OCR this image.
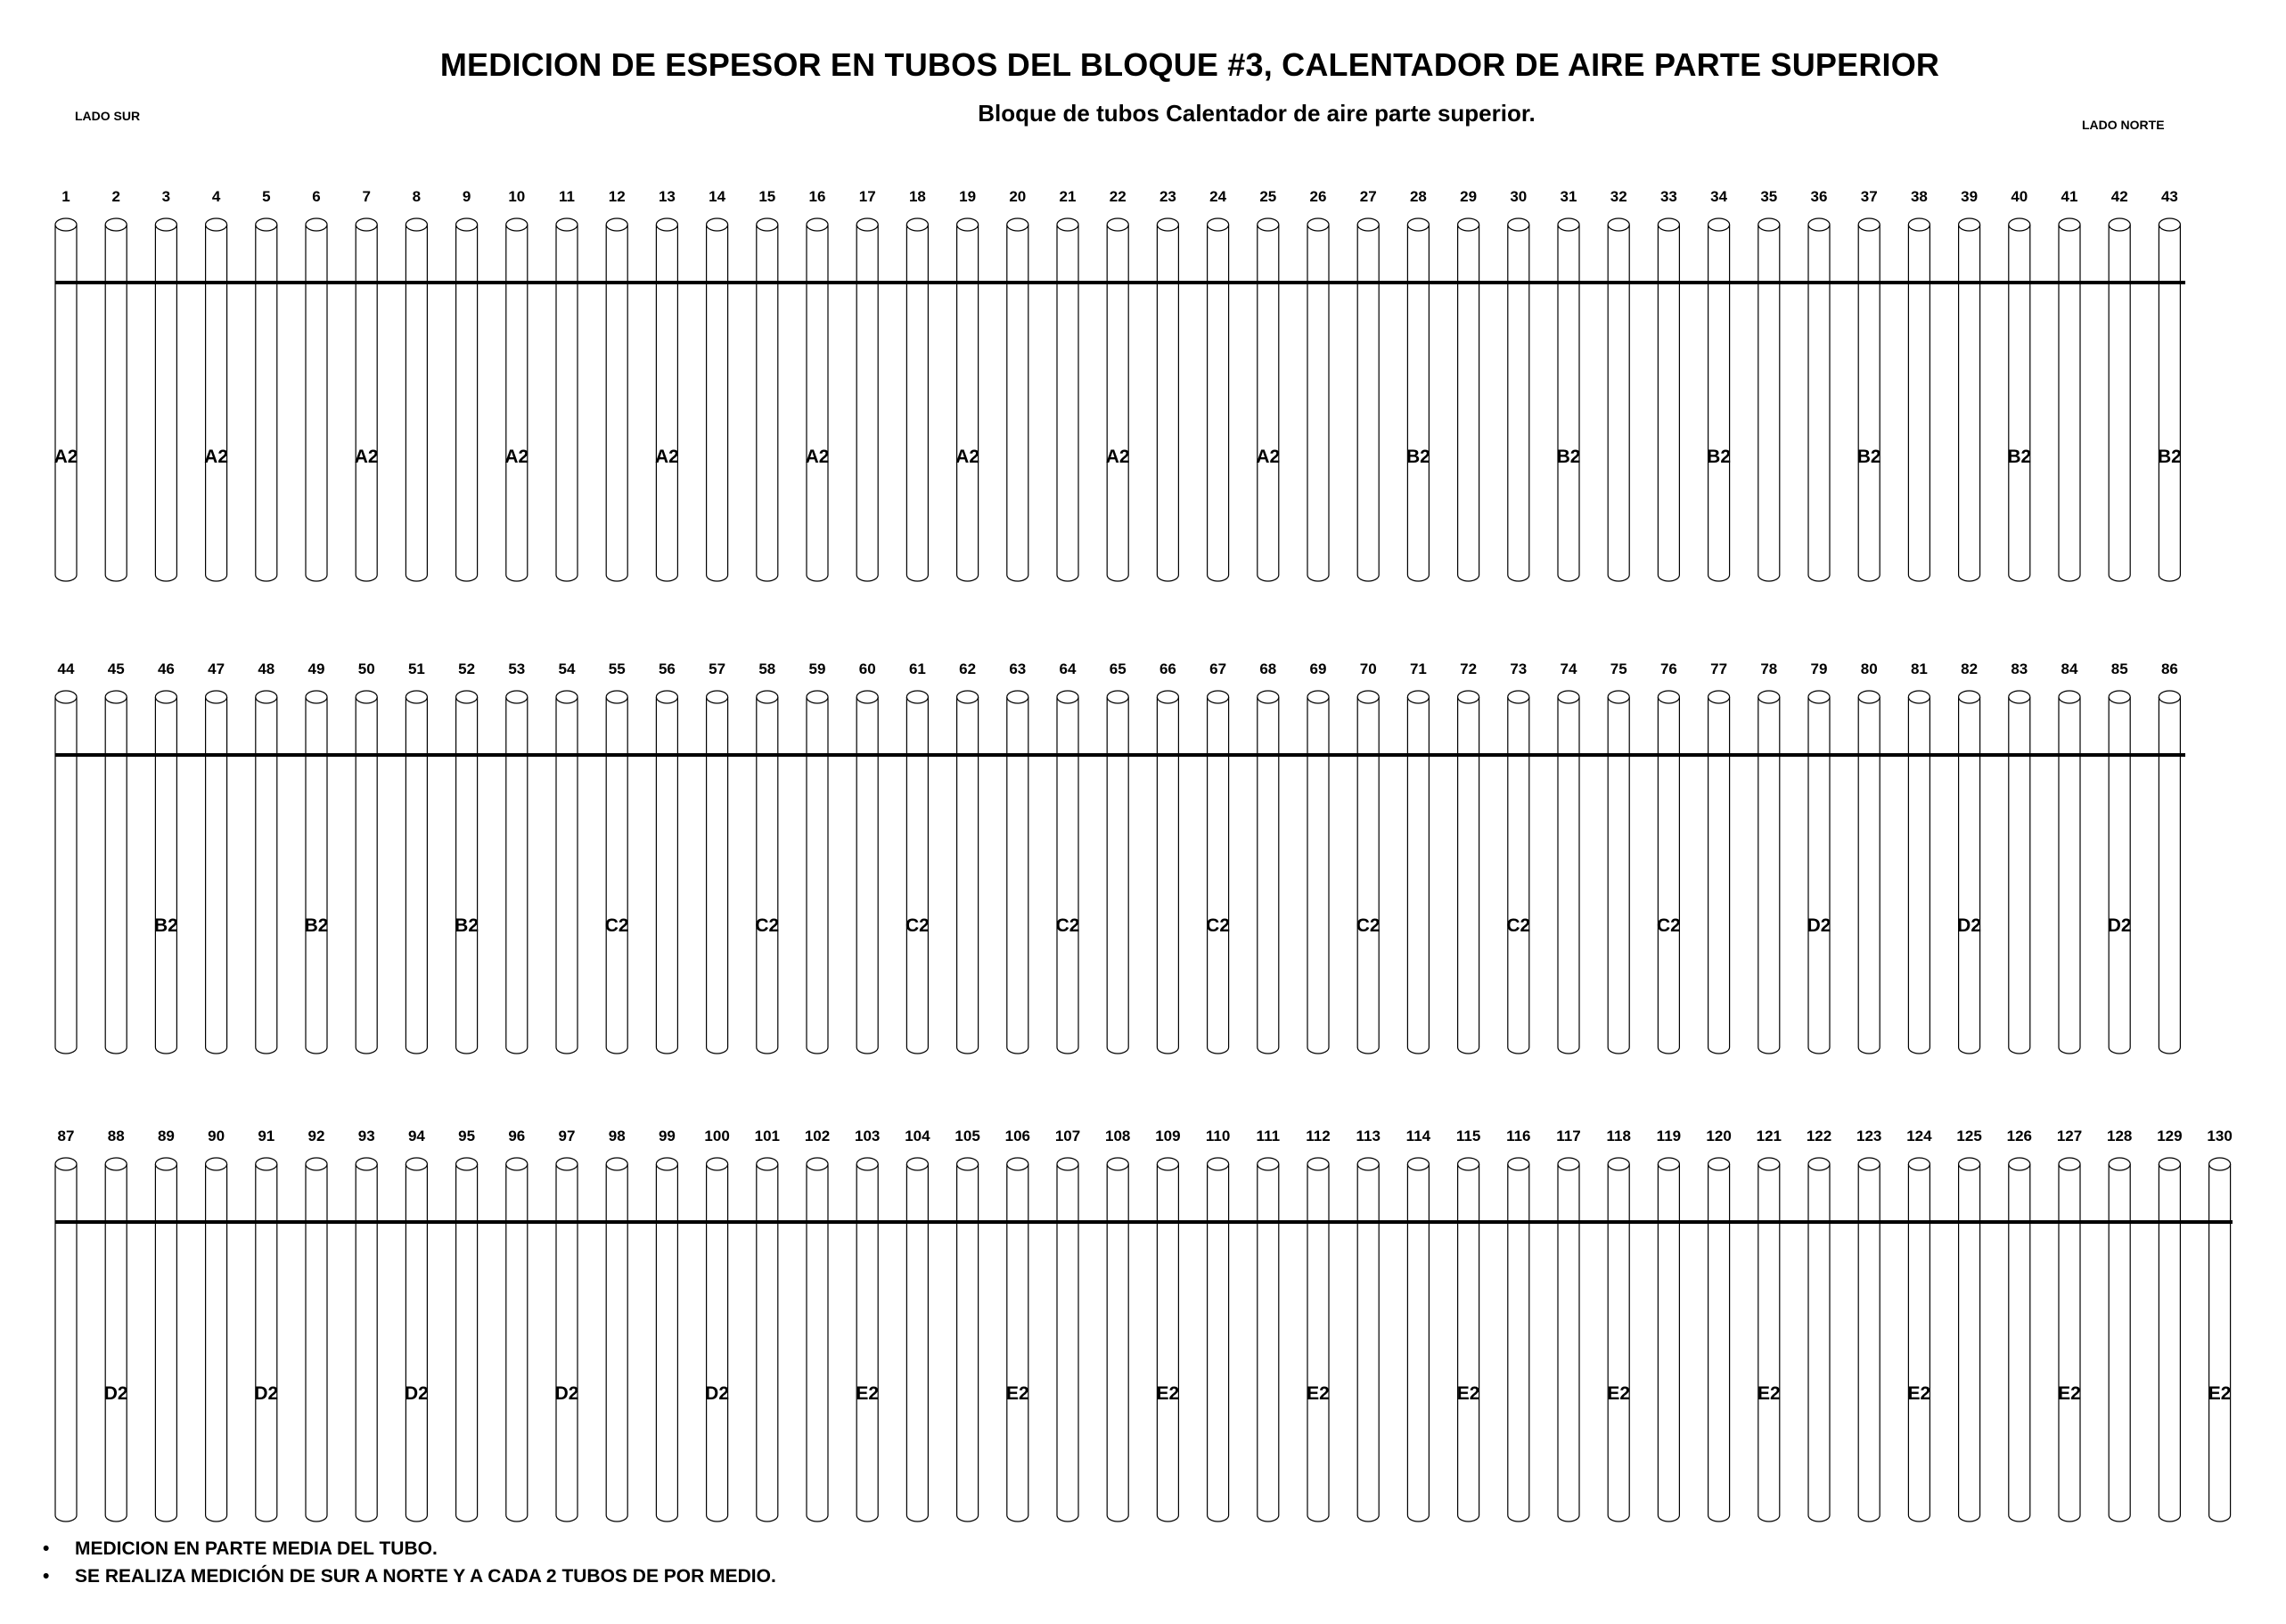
MEDICION DE ESPESOR EN TUBOS DEL BLOQUE #3, CALENTADOR DE AIRE PARTE SUPERIOR
Bloque de tubos Calentador de aire parte superior.
LADO SUR
LADO NORTE
1	2	3	4	5	6	7	8	9 10 11 12 13 14 15 16 17 18 19 20 21 22 23 24 25 26 27 28 29 30 31 32 33 34 35 36 37 38 39 40 41 42 43
A2	A2	A2	A2	A2	A2	A2	A2	A2	B2	B2	B2	B2	B2	B2
44 45 46 47 48 49 50 51 52 53 54 55 56 57 58 59 60 61 62 63 64 65 66 67 68 69 70 71 72 73 74 75 76 77 78 79 80 81 82 83 84 85 86
B2	B2	B2	C2	C2	C2	C2	C2	C2	C2	C2	D2	D2	D2
87 88 89 90 91 92 93 94 95 96 97 98 99 100 101 102 103 104 105 106 107 108 109 110 111 112 113 114 115 116 117 118 119 120 121 122 123 124 125 126 127 128 129 130
D2	D2	D2	D2	D2	E2	E2	E2	E2	E2	E2	E2	E2	E2	E2
• MEDICION EN PARTE MEDIA DEL TUBO.
• SE REALIZA MEDICIÓN DE SUR A NORTE Y A CADA 2 TUBOS DE POR MEDIO.
